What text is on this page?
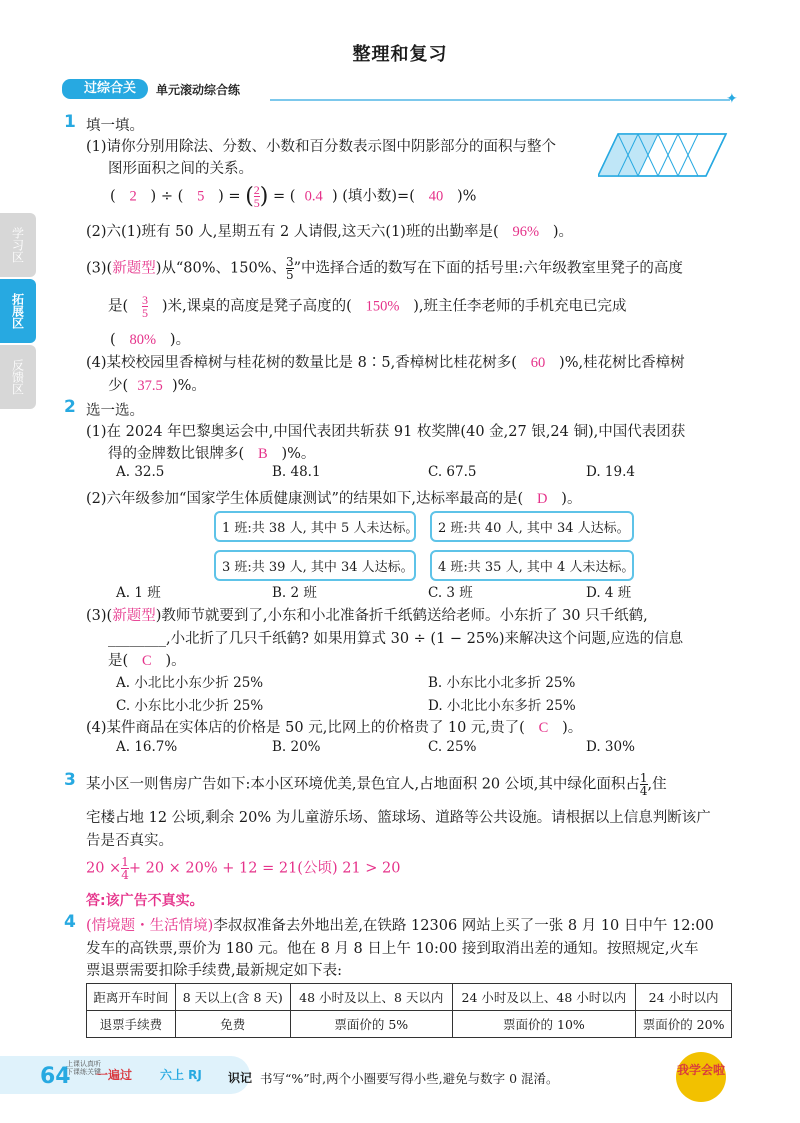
整理和复习
过综合关	单元滚动综合练
✦
学习区
拓展区
反馈区
1 填一填。
(1)请你分别用除法、分数、小数和百分数表示图中阴影部分的面积与整个
图形面积之间的关系。
(   2   ) ÷ (   5   ) = ( $\frac{2}{5}$ ) = (  0.4  ) (填小数)=( 40 )%
(2)六(1)班有 50 人,星期五有 2 人请假,这天六(1)班的出勤率是( 96% )。
(3)(新题型)从“80%、150%、 $\frac{3}{5}$ ”中选择合适的数写在下面的括号里:六年级教室里凳子的高度
是( $\frac{3}{5}$ )米,课桌的高度是凳子高度的( 150% ),班主任李老师的手机充电已完成
( 80% )。
(4)某校校园里香樟树与桂花树的数量比是 8∶5,香樟树比桂花树多( 60 )%,桂花树比香樟树
少( 37.5 )%。
2 选一选。
(1)在 2024 年巴黎奥运会中,中国代表团共斩获 91 枚奖牌(40 金,27 银,24 铜),中国代表团获
得的金牌数比银牌多( B )%。
A. 32.5	B. 48.1	C. 67.5	D. 19.4
(2)六年级参加“国家学生体质健康测试”的结果如下,达标率最高的是( D )。
1 班:共 38 人, 其中 5 人未达标。	2 班:共 40 人, 其中 34 人达标。
3 班:共 39 人, 其中 34 人达标。	4 班:共 35 人, 其中 4 人未达标。
A. 1 班	B. 2 班	C. 3 班	D. 4 班
(3)(新题型)教师节就要到了,小东和小北准备折千纸鹤送给老师。小东折了 30 只千纸鹤,
________,小北折了几只千纸鹤? 如果用算式 30 ÷ (1 − 25%)来解决这个问题,应选的信息
是( C )。
A. 小北比小东少折 25%	B. 小东比小北多折 25%
C. 小东比小北少折 25%	D. 小北比小东多折 25%
(4)某件商品在实体店的价格是 50 元,比网上的价格贵了 10 元,贵了( C )。
A. 16.7%	B. 20%	C. 25%	D. 30%
3 某小区一则售房广告如下:本小区环境优美,景色宜人,占地面积 20 公顷,其中绿化面积占 $\frac{1}{4}$ ,住
宅楼占地 12 公顷,剩余 20% 为儿童游乐场、篮球场、道路等公共设施。请根据以上信息判断该广
告是否真实。
$20 \times \frac{1}{4} + 20 \times 20\% + 12 = 21$(公顷) 21 > 20
答:该广告不真实。
4 (情境题・生活情境)李叔叔准备去外地出差,在铁路 12306 网站上买了一张 8 月 10 日中午 12:00
发车的高铁票,票价为 180 元。他在 8 月 8 日上午 10:00 接到取消出差的通知。按照规定,火车
票退票需要扣除手续费,最新规定如下表:
距离开车时间	8 天以上(含 8 天)	48 小时及以上、8 天以内	24 小时及以上、48 小时以内	24 小时以内
退票手续费	免费	票面价的 5%	票面价的 10%	票面价的 20%
64
上课认真听
下课练关键
一遍过 六上 RJ 识记 书写“%”时,两个小圈要写得小些,避免与数字 0 混淆。
我学会啦
